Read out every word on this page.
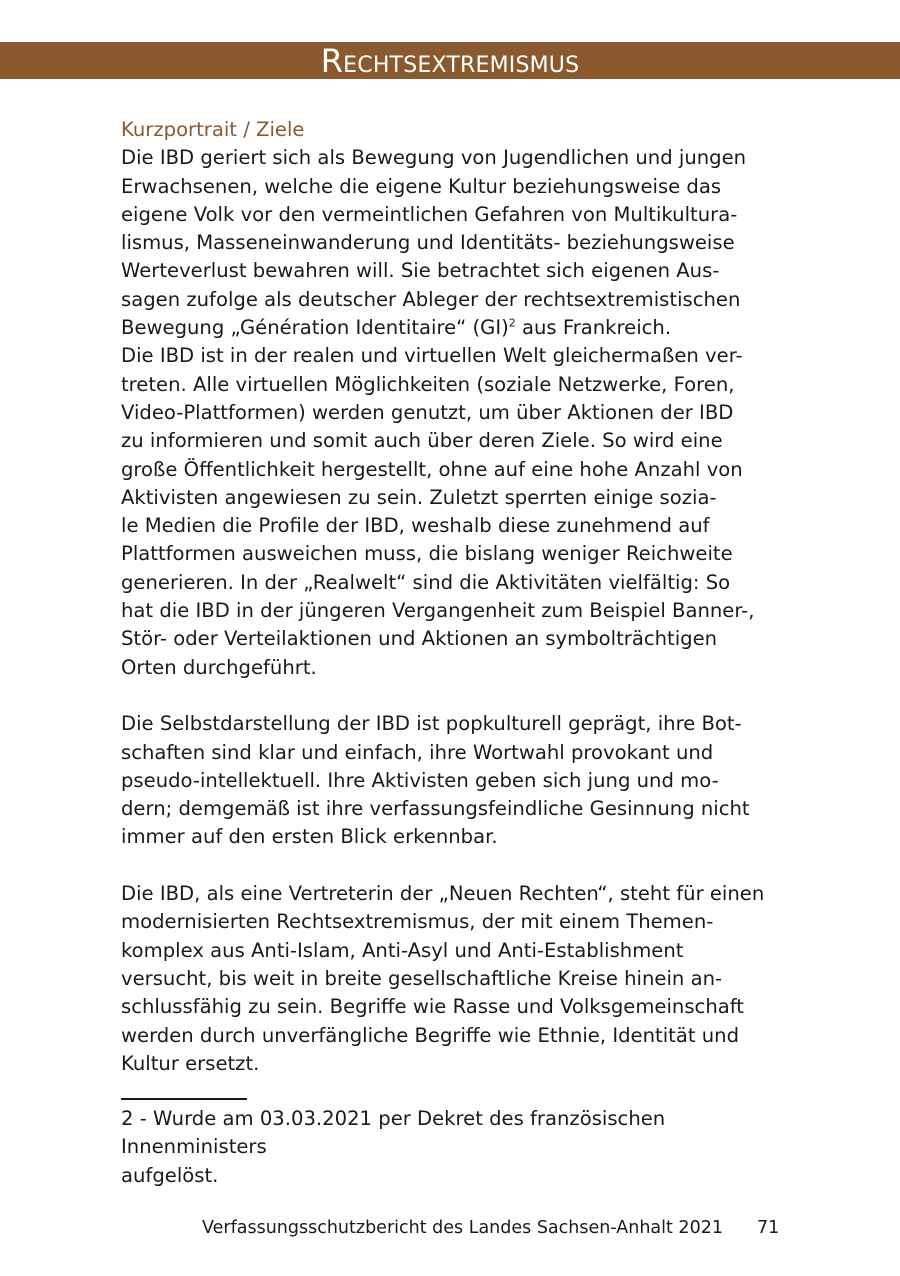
Rechtsextremismus

Kurzportrait / Ziele

Die IBD geriert sich als Bewegung von Jugendlichen und jungen

Erwachsenen, welche die eigene Kultur beziehungsweise das

eigene Volk vor den vermeintlichen Gefahren von Multikultura-

lismus, Masseneinwanderung und Identitäts- beziehungsweise

Werteverlust bewahren will. Sie betrachtet sich eigenen Aus-

sagen zufolge als deutscher Ableger der rechtsextremistischen

Bewegung „Génération Identitaire“ (GI)$^2$ aus Frankreich.

Die IBD ist in der realen und virtuellen Welt gleichermaßen ver-

treten. Alle virtuellen Möglichkeiten (soziale Netzwerke, Foren,

Video-Plattformen) werden genutzt, um über Aktionen der IBD

zu informieren und somit auch über deren Ziele. So wird eine

große Öffentlichkeit hergestellt, ohne auf eine hohe Anzahl von

Aktivisten angewiesen zu sein. Zuletzt sperrten einige sozia-

le Medien die Profile der IBD, weshalb diese zunehmend auf

Plattformen ausweichen muss, die bislang weniger Reichweite

generieren. In der „Realwelt“ sind die Aktivitäten vielfältig: So

hat die IBD in der jüngeren Vergangenheit zum Beispiel Banner-,

Stör- oder Verteilaktionen und Aktionen an symbolträchtigen

Orten durchgeführt.

Die Selbstdarstellung der IBD ist popkulturell geprägt, ihre Bot-

schaften sind klar und einfach, ihre Wortwahl provokant und

pseudo-intellektuell. Ihre Aktivisten geben sich jung und mo-

dern; demgemäß ist ihre verfassungsfeindliche Gesinnung nicht

immer auf den ersten Blick erkennbar.

Die IBD, als eine Vertreterin der „Neuen Rechten“, steht für einen

modernisierten Rechtsextremismus, der mit einem Themen-

komplex aus Anti-Islam, Anti-Asyl und Anti-Establishment

versucht, bis weit in breite gesellschaftliche Kreise hinein an-

schlussfähig zu sein. Begriffe wie Rasse und Volksgemeinschaft

werden durch unverfängliche Begriffe wie Ethnie, Identität und

Kultur ersetzt.

2 - Wurde am 03.03.2021 per Dekret des französischen Innenministers

aufgelöst.

Verfassungsschutzbericht des Landes Sachsen-Anhalt 2021 71
